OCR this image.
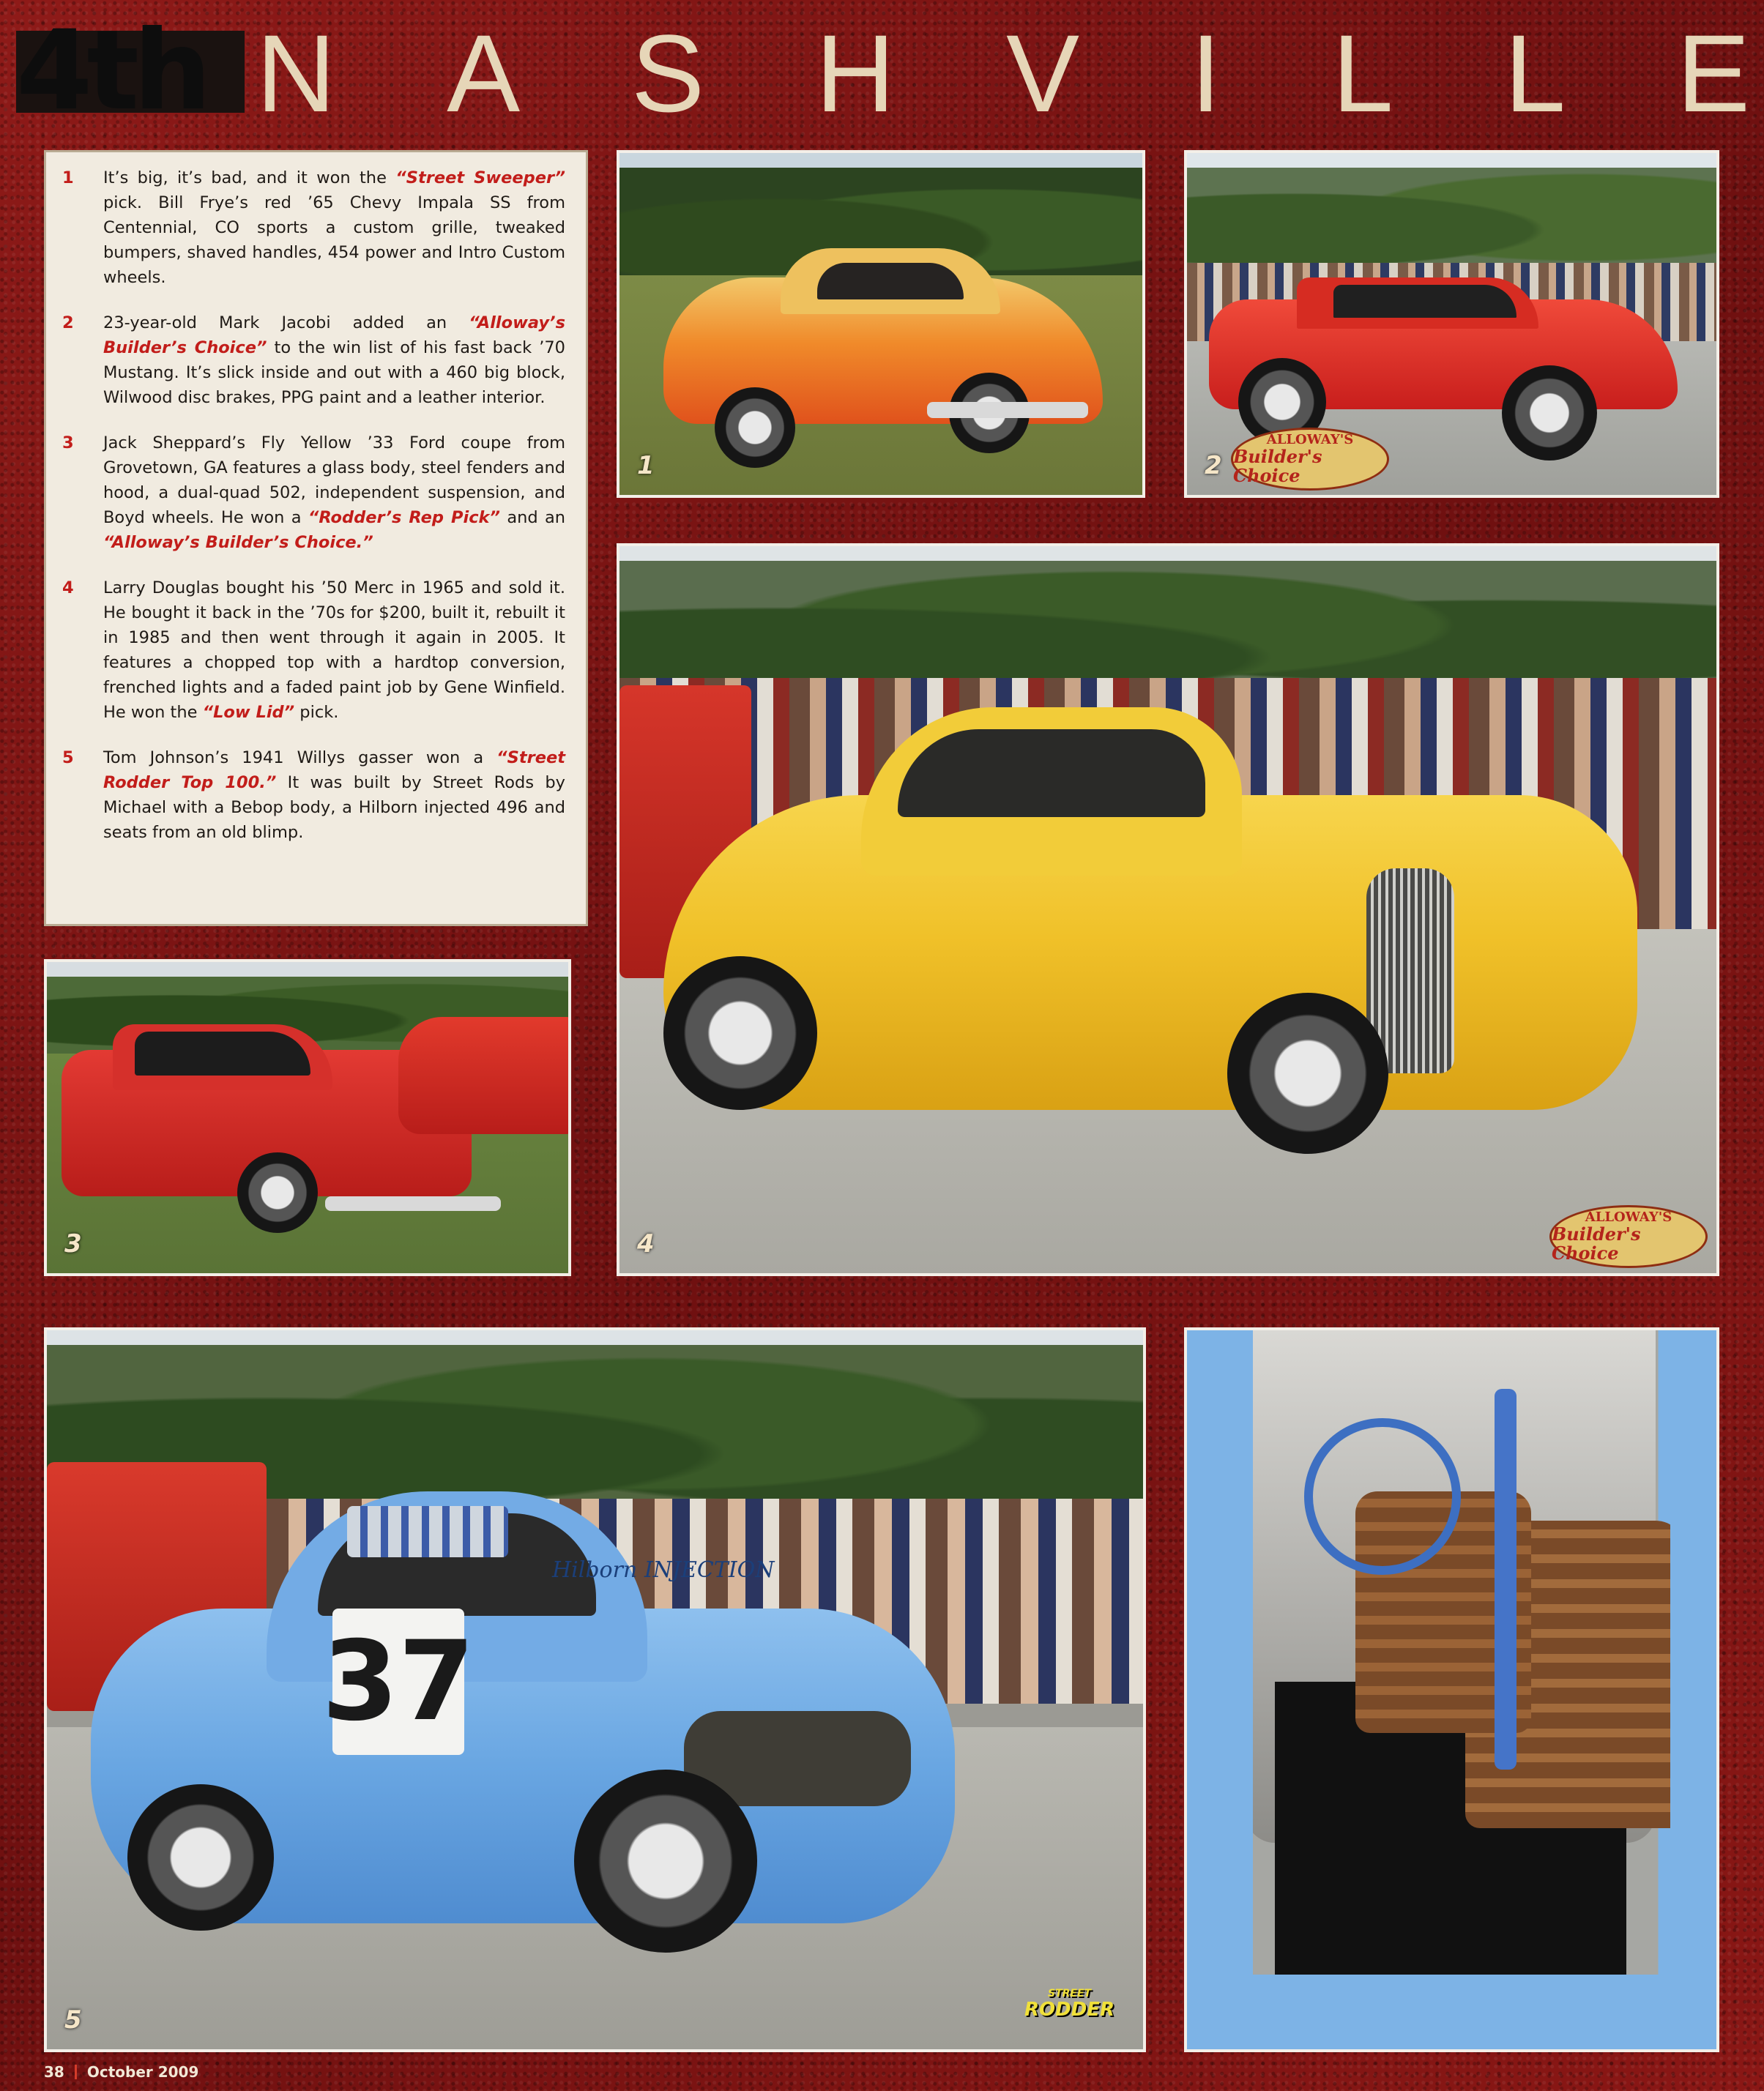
4th N A S H V I L L E
1 It’s big, it’s bad, and it won the “Street Sweeper” pick. Bill Frye’s red ’65 Chevy Impala SS from Centennial, CO sports a custom grille, tweaked bumpers, shaved handles, 454 power and Intro Custom wheels.
2 23-year-old Mark Jacobi added an “Alloway’s Builder’s Choice” to the win list of his fast back ’70 Mustang. It’s slick inside and out with a 460 big block, Wilwood disc brakes, PPG paint and a leather interior.
3 Jack Sheppard’s Fly Yellow ’33 Ford coupe from Grovetown, GA features a glass body, steel fenders and hood, a dual-quad 502, independent suspension, and Boyd wheels. He won a “Rodder’s Rep Pick” and an “Alloway’s Builder’s Choice.”
4 Larry Douglas bought his ’50 Merc in 1965 and sold it. He bought it back in the ’70s for $200, built it, rebuilt it in 1985 and then went through it again in 2005. It features a chopped top with a hardtop conversion, frenched lights and a faded paint job by Gene Winfield. He won the “Low Lid” pick.
5 Tom Johnson’s 1941 Willys gasser won a “Street Rodder Top 100.” It was built by Street Rods by Michael with a Bebop body, a Hilborn injected 496 and seats from an old blimp.
1	2
ALLOWAY'S
Builder's Choice
3	4
ALLOWAY'S
Builder's Choice
37
Hilborn INJECTION
5
STREET
RODDER
38 October 2009
